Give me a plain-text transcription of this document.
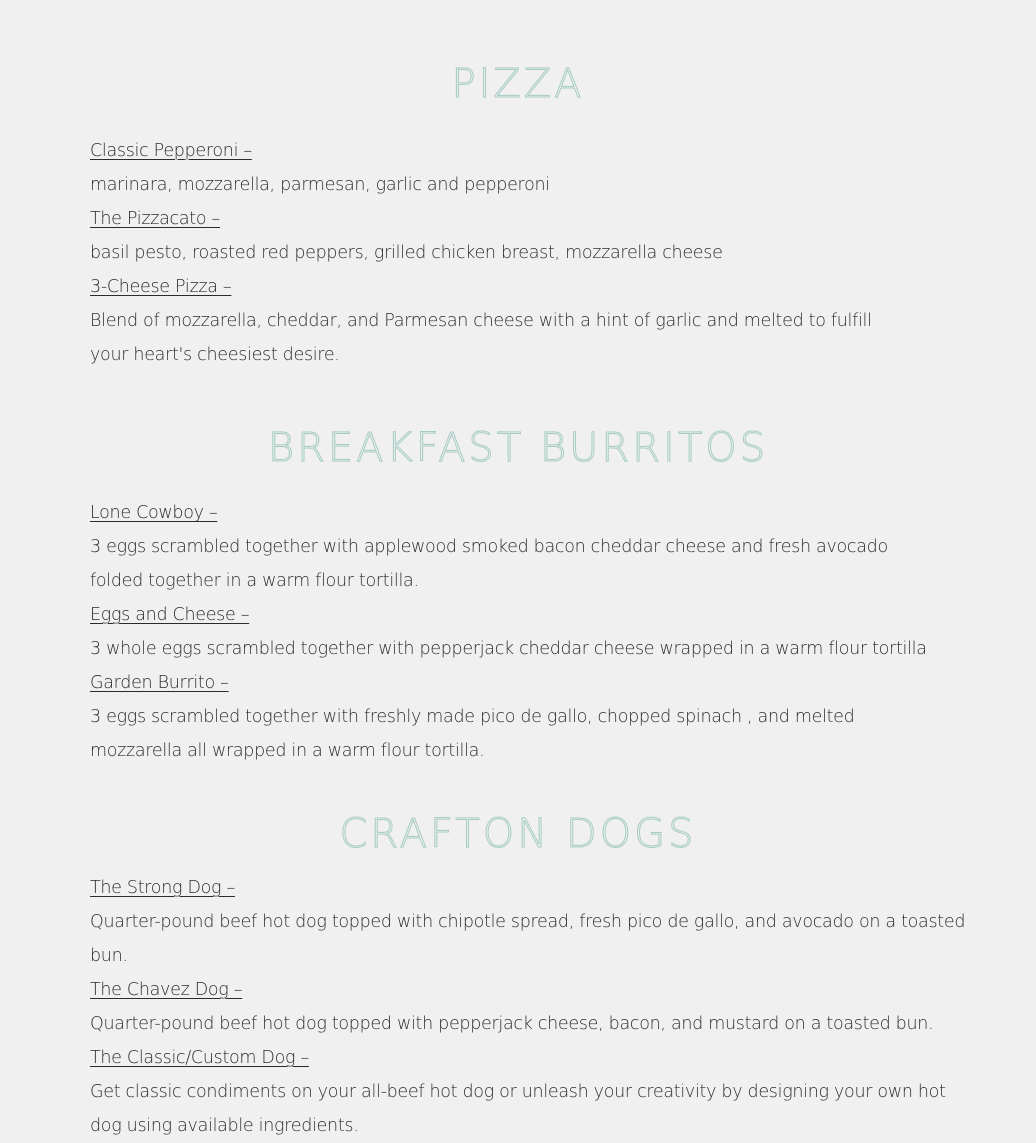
PIZZA
Classic Pepperoni –
marinara, mozzarella, parmesan, garlic and pepperoni
The Pizzacato –
basil pesto, roasted red peppers, grilled chicken breast, mozzarella cheese
3-Cheese Pizza –
Blend of mozzarella, cheddar, and Parmesan cheese with a hint of garlic and melted to fulfill your heart's cheesiest desire.
BREAKFAST BURRITOS
Lone Cowboy –
3 eggs scrambled together with applewood smoked bacon cheddar cheese and fresh avocado folded together in a warm flour tortilla.
Eggs and Cheese –
3 whole eggs scrambled together with pepperjack cheddar cheese wrapped in a warm flour tortilla
Garden Burrito –
3 eggs scrambled together with freshly made pico de gallo, chopped spinach , and melted mozzarella all wrapped in a warm flour tortilla.
CRAFTON DOGS
The Strong Dog –
Quarter-pound beef hot dog topped with chipotle spread, fresh pico de gallo, and avocado on a toasted bun.
The Chavez Dog –
Quarter-pound beef hot dog topped with pepperjack cheese, bacon, and mustard on a toasted bun.
The Classic/Custom Dog –
Get classic condiments on your all-beef hot dog or unleash your creativity by designing your own hot dog using available ingredients.
